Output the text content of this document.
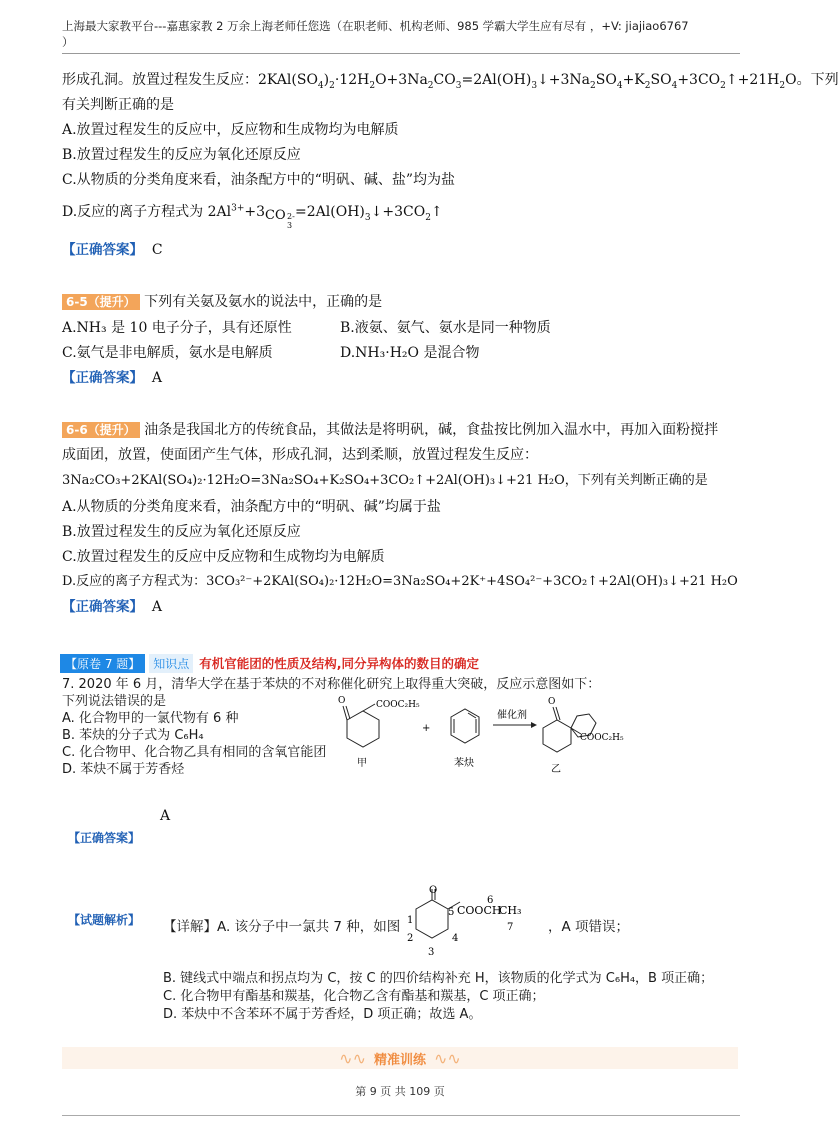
上海最大家教平台---嘉惠家教 2 万余上海老师任您选（在职老师、机构老师、985 学霸大学生应有尽有 ，+V: jiajiao6767
）
形成孔洞。放置过程发生反应：$2KAl(SO_4)_2\cdot 12H_2O+3Na_2CO_3=2Al(OH)_3↓+3Na_2SO_4+K_2SO_4+3CO_2↑+21H_2O$。下列
有关判断正确的是
A.放置过程发生的反应中，反应物和生成物均为电解质
B.放置过程发生的反应为氧化还原反应
C.从物质的分类角度来看，油条配方中的“明矾、碱、盐”均为盐
D.反应的离子方程式为 $2Al^{3+}+3$ CO 2-
3
$=2Al(OH)_3↓+3CO_2↑$
【正确答案】 C
6-5（提升） 下列有关氨及氨水的说法中，正确的是
A.NH₃ 是 10 电子分子，具有还原性	B.液氨、氨气、氨水是同一种物质
C.氨气是非电解质，氨水是电解质	D.NH₃·H₂O 是混合物
【正确答案】 A
6-6（提升） 油条是我国北方的传统食品，其做法是将明矾，碱，食盐按比例加入温水中，再加入面粉搅拌
成面团，放置，使面团产生气体，形成孔洞，达到柔顺，放置过程发生反应：
3Na₂CO₃+2KAl(SO₄)₂·12H₂O=3Na₂SO₄+K₂SO₄+3CO₂↑+2Al(OH)₃↓+21 H₂O，下列有关判断正确的是
A.从物质的分类角度来看，油条配方中的“明矾、碱”均属于盐
B.放置过程发生的反应为氧化还原反应
C.放置过程发生的反应中反应物和生成物均为电解质
D.反应的离子方程式为：3CO₃²⁻+2KAl(SO₄)₂·12H₂O=3Na₂SO₄+2K⁺+4SO₄²⁻+3CO₂↑+2Al(OH)₃↓+21 H₂O
【正确答案】 A
【原卷 7 题】	知识点 有机官能团的性质及结构,同分异构体的数目的确定
7. 2020 年 6 月，清华大学在基于苯炔的不对称催化研究上取得重大突破，反应示意图如下：
下列说法错误的是
A. 化合物甲的一氯代物有 6 种
B. 苯炔的分子式为 C₆H₄
C. 化合物甲、化合物乙具有相同的含氧官能团
D. 苯炔不属于芳香烃
O	COOC₂H₅
甲
+
苯炔
催化剂
O
COOC₂H₅
乙
A
【正确答案】
【试题解析】 【详解】A. 该分子中一氯共 7 种，如图
O
5 COOCH
CH₃
6
7
1
2
3
4
，A 项错误；
B. 键线式中端点和拐点均为 C，按 C 的四价结构补充 H，该物质的化学式为 C₆H₄，B 项正确；
C. 化合物甲有酯基和羰基，化合物乙含有酯基和羰基，C 项正确；
D. 苯炔中不含苯环不属于芳香烃，D 项正确；故选 A。
∿∿ 精准训练 ∿∿
第 9 页 共 109 页
